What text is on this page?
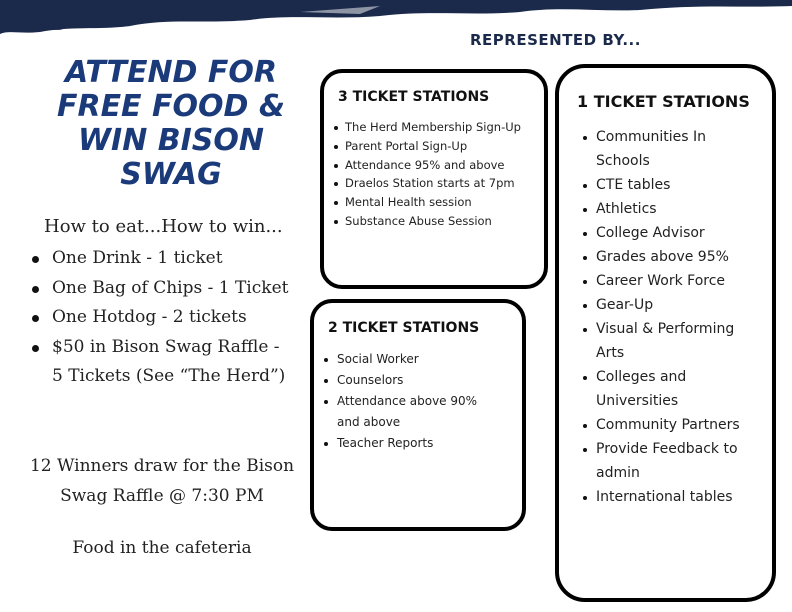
REPRESENTED BY...
ATTEND FOR
FREE FOOD &
WIN BISON
SWAG
How to eat...How to win...
One Drink - 1 ticket
One Bag of Chips - 1 Ticket
One Hotdog - 2 tickets
$50 in Bison Swag Raffle -
5 Tickets (See “The Herd”)
12 Winners draw for the Bison
Swag Raffle @ 7:30 PM
Food in the cafeteria
3 TICKET STATIONS
The Herd Membership Sign-Up
Parent Portal Sign-Up
Attendance 95% and above
Draelos Station starts at 7pm
Mental Health session
Substance Abuse Session
2 TICKET STATIONS
Social Worker
Counselors
Attendance above 90%
and above
Teacher Reports
1 TICKET STATIONS
Communities In
Schools
CTE tables
Athletics
College Advisor
Grades above 95%
Career Work Force
Gear-Up
Visual & Performing
Arts
Colleges and
Universities
Community Partners
Provide Feedback to
admin
International tables
